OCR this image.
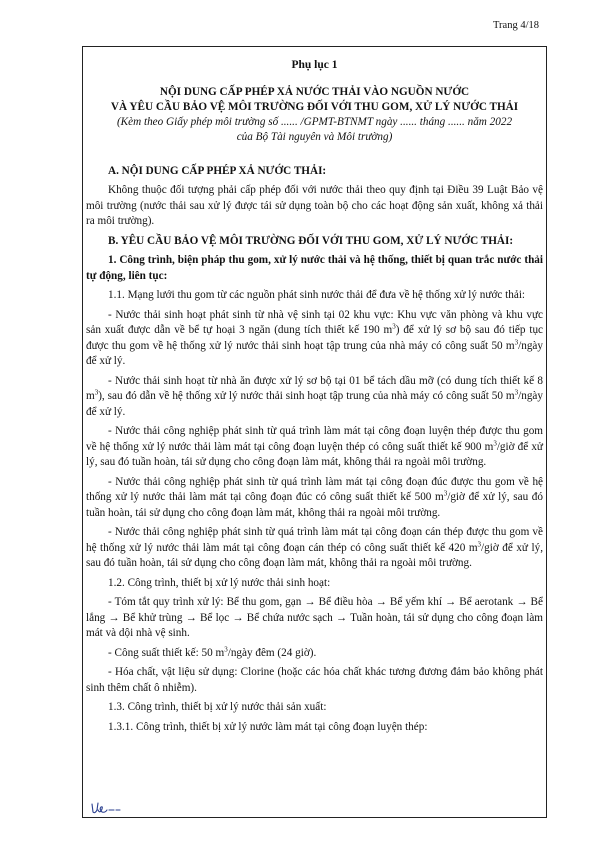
Trang 4/18
Phụ lục 1
NỘI DUNG CẤP PHÉP XẢ NƯỚC THẢI VÀO NGUỒN NƯỚC
VÀ YÊU CẦU BẢO VỆ MÔI TRƯỜNG ĐỐI VỚI THU GOM, XỬ LÝ NƯỚC THẢI
(Kèm theo Giấy phép môi trường số ...... /GPMT-BTNMT ngày ...... tháng ...... năm 2022
của Bộ Tài nguyên và Môi trường)

A. NỘI DUNG CẤP PHÉP XẢ NƯỚC THẢI:

Không thuộc đối tượng phải cấp phép đối với nước thải theo quy định tại Điều 39 Luật Bảo vệ môi trường (nước thải sau xử lý được tái sử dụng toàn bộ cho các hoạt động sản xuất, không xả thải ra môi trường).

B. YÊU CẦU BẢO VỆ MÔI TRƯỜNG ĐỐI VỚI THU GOM, XỬ LÝ NƯỚC THẢI:

1. Công trình, biện pháp thu gom, xử lý nước thải và hệ thống, thiết bị quan trắc nước thải tự động, liên tục:

1.1. Mạng lưới thu gom từ các nguồn phát sinh nước thải để đưa về hệ thống xử lý nước thải:

- Nước thải sinh hoạt phát sinh từ nhà vệ sinh tại 02 khu vực: Khu vực văn phòng và khu vực sản xuất được dẫn về bể tự hoại 3 ngăn (dung tích thiết kế 190 $m^3$) để xử lý sơ bộ sau đó tiếp tục được thu gom về hệ thống xử lý nước thải sinh hoạt tập trung của nhà máy có công suất 50 $m^3$/ngày để xử lý.

- Nước thải sinh hoạt từ nhà ăn được xử lý sơ bộ tại 01 bể tách dầu mỡ (có dung tích thiết kế 8 $m^3$), sau đó dẫn về hệ thống xử lý nước thải sinh hoạt tập trung của nhà máy có công suất 50 $m^3$/ngày để xử lý.

- Nước thải công nghiệp phát sinh từ quá trình làm mát tại công đoạn luyện thép được thu gom về hệ thống xử lý nước thải làm mát tại công đoạn luyện thép có công suất thiết kế 900 $m^3$/giờ để xử lý, sau đó tuần hoàn, tái sử dụng cho công đoạn làm mát, không thải ra ngoài môi trường.

- Nước thải công nghiệp phát sinh từ quá trình làm mát tại công đoạn đúc được thu gom về hệ thống xử lý nước thải làm mát tại công đoạn đúc có công suất thiết kế 500 $m^3$/giờ để xử lý, sau đó tuần hoàn, tái sử dụng cho công đoạn làm mát, không thải ra ngoài môi trường.

- Nước thải công nghiệp phát sinh từ quá trình làm mát tại công đoạn cán thép được thu gom về hệ thống xử lý nước thải làm mát tại công đoạn cán thép có công suất thiết kế 420 $m^3$/giờ để xử lý, sau đó tuần hoàn, tái sử dụng cho công đoạn làm mát, không thải ra ngoài môi trường.

1.2. Công trình, thiết bị xử lý nước thải sinh hoạt:

- Tóm tắt quy trình xử lý: Bể thu gom, gạn → Bể điều hòa → Bể yếm khí → Bể aerotank → Bể lắng → Bể khử trùng → Bể lọc → Bể chứa nước sạch → Tuần hoàn, tái sử dụng cho công đoạn làm mát và dội nhà vệ sinh.

- Công suất thiết kế: 50 $m^3$/ngày đêm (24 giờ).

- Hóa chất, vật liệu sử dụng: Clorine (hoặc các hóa chất khác tương đương đảm bảo không phát sinh thêm chất ô nhiễm).

1.3. Công trình, thiết bị xử lý nước thải sản xuất:

1.3.1. Công trình, thiết bị xử lý nước làm mát tại công đoạn luyện thép:
